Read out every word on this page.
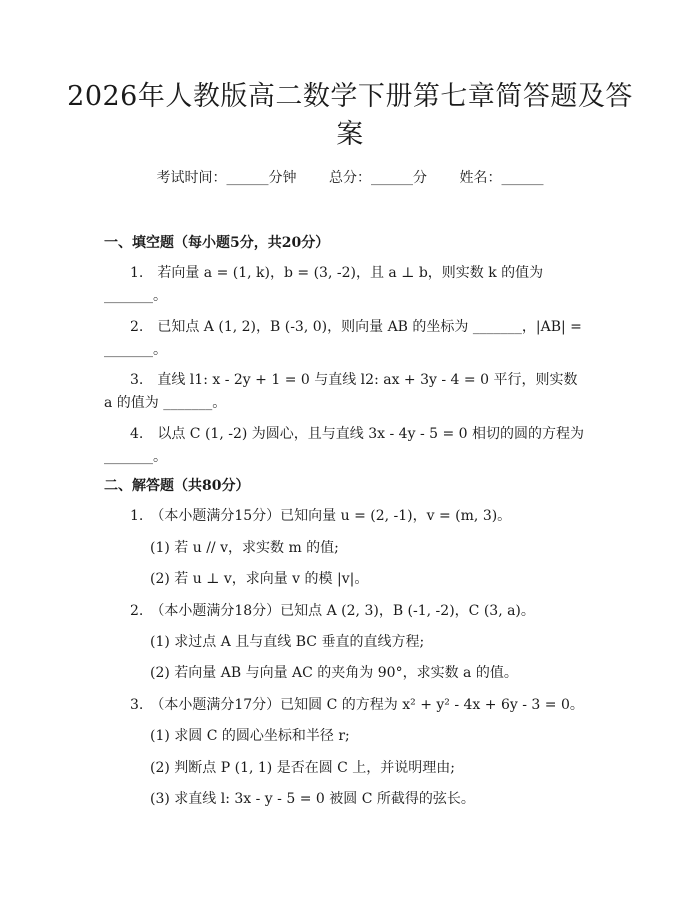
2026年人教版高二数学下册第七章简答题及答案
考试时间：______分钟 总分：______分 姓名：______
一、填空题（每小题5分，共20分）
1.　若向量 a = (1, k)，b = (3, -2)，且 a ⊥ b，则实数 k 的值为
_______。
2.　已知点 A (1, 2)，B (-3, 0)，则向量 AB 的坐标为 _______，|AB| =
_______。
3.　直线 l1: x - 2y + 1 = 0 与直线 l2: ax + 3y - 4 = 0 平行，则实数
a 的值为 _______。
4.　以点 C (1, -2) 为圆心，且与直线 3x - 4y - 5 = 0 相切的圆的方程为
_______。
二、解答题（共80分）
1.　（本小题满分15分）已知向量 u = (2, -1)，v = (m, 3)。
(1) 若 u // v，求实数 m 的值;
(2) 若 u ⊥ v，求向量 v 的模 |v|。
2.　（本小题满分18分）已知点 A (2, 3)，B (-1, -2)，C (3, a)。
(1) 求过点 A 且与直线 BC 垂直的直线方程;
(2) 若向量 AB 与向量 AC 的夹角为 90°，求实数 a 的值。
3.　（本小题满分17分）已知圆 C 的方程为 x² + y² - 4x + 6y - 3 = 0。
(1) 求圆 C 的圆心坐标和半径 r;
(2) 判断点 P (1, 1) 是否在圆 C 上，并说明理由;
(3) 求直线 l: 3x - y - 5 = 0 被圆 C 所截得的弦长。
